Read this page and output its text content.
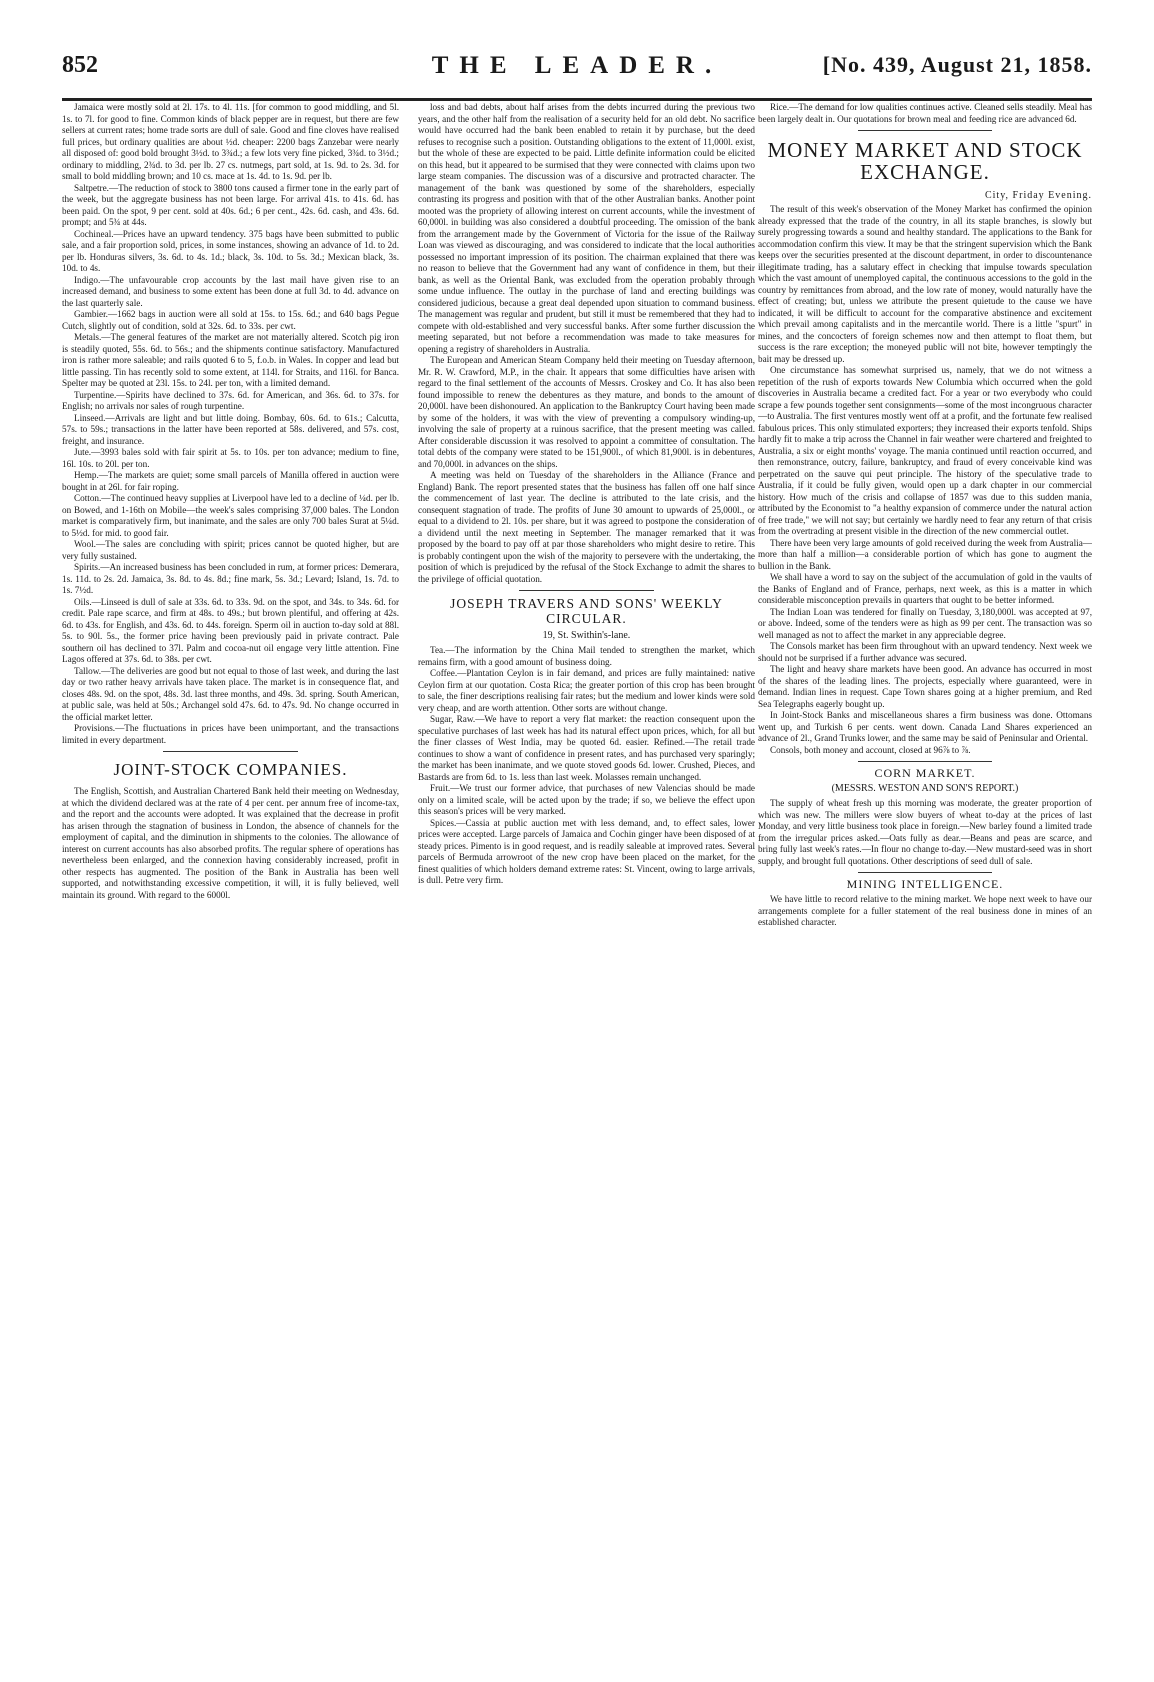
852	THE LEADER.	[No. 439, August 21, 1858.

Jamaica were mostly sold at 2l. 17s. to 4l. 11s. [for common to good middling, and 5l. 1s. to 7l. for good to fine. Common kinds of black pepper are in request, but there are few sellers at current rates; home trade sorts are dull of sale. Good and fine cloves have realised full prices, but ordinary qualities are about ½d. cheaper: 2200 bags Zanzebar were nearly all disposed of: good bold brought 3½d. to 3¾d.; a few lots very fine picked, 3¾d. to 3½d.; ordinary to middling, 2¾d. to 3d. per lb. 27 cs. nutmegs, part sold, at 1s. 9d. to 2s. 3d. for small to bold middling brown; and 10 cs. mace at 1s. 4d. to 1s. 9d. per lb.

Saltpetre.—The reduction of stock to 3800 tons caused a firmer tone in the early part of the week, but the aggregate business has not been large. For arrival 41s. to 41s. 6d. has been paid. On the spot, 9 per cent. sold at 40s. 6d.; 6 per cent., 42s. 6d. cash, and 43s. 6d. prompt; and 5¾ at 44s.

Cochineal.—Prices have an upward tendency. 375 bags have been submitted to public sale, and a fair proportion sold, prices, in some instances, showing an advance of 1d. to 2d. per lb. Honduras silvers, 3s. 6d. to 4s. 1d.; black, 3s. 10d. to 5s. 3d.; Mexican black, 3s. 10d. to 4s.

Indigo.—The unfavourable crop accounts by the last mail have given rise to an increased demand, and business to some extent has been done at full 3d. to 4d. advance on the last quarterly sale.

Gambier.—1662 bags in auction were all sold at 15s. to 15s. 6d.; and 640 bags Pegue Cutch, slightly out of condition, sold at 32s. 6d. to 33s. per cwt.

Metals.—The general features of the market are not materially altered. Scotch pig iron is steadily quoted, 55s. 6d. to 56s.; and the shipments continue satisfactory. Manufactured iron is rather more saleable; and rails quoted 6 to 5, f.o.b. in Wales. In copper and lead but little passing. Tin has recently sold to some extent, at 114l. for Straits, and 116l. for Banca. Spelter may be quoted at 23l. 15s. to 24l. per ton, with a limited demand.

Turpentine.—Spirits have declined to 37s. 6d. for American, and 36s. 6d. to 37s. for English; no arrivals nor sales of rough turpentine.

Linseed.—Arrivals are light and but little doing. Bombay, 60s. 6d. to 61s.; Calcutta, 57s. to 59s.; transactions in the latter have been reported at 58s. delivered, and 57s. cost, freight, and insurance.

Jute.—3993 bales sold with fair spirit at 5s. to 10s. per ton advance; medium to fine, 16l. 10s. to 20l. per ton.

Hemp.—The markets are quiet; some small parcels of Manilla offered in auction were bought in at 26l. for fair roping.

Cotton.—The continued heavy supplies at Liverpool have led to a decline of ¼d. per lb. on Bowed, and 1-16th on Mobile—the week's sales comprising 37,000 bales. The London market is comparatively firm, but inanimate, and the sales are only 700 bales Surat at 5¼d. to 5½d. for mid. to good fair.

Wool.—The sales are concluding with spirit; prices cannot be quoted higher, but are very fully sustained.

Spirits.—An increased business has been concluded in rum, at former prices: Demerara, 1s. 11d. to 2s. 2d. Jamaica, 3s. 8d. to 4s. 8d.; fine mark, 5s. 3d.; Levard; Island, 1s. 7d. to 1s. 7½d.

Oils.—Linseed is dull of sale at 33s. 6d. to 33s. 9d. on the spot, and 34s. to 34s. 6d. for credit. Pale rape scarce, and firm at 48s. to 49s.; but brown plentiful, and offering at 42s. 6d. to 43s. for English, and 43s. 6d. to 44s. foreign. Sperm oil in auction to-day sold at 88l. 5s. to 90l. 5s., the former price having been previously paid in private contract. Pale southern oil has declined to 37l. Palm and cocoa-nut oil engage very little attention. Fine Lagos offered at 37s. 6d. to 38s. per cwt.

Tallow.—The deliveries are good but not equal to those of last week, and during the last day or two rather heavy arrivals have taken place. The market is in consequence flat, and closes 48s. 9d. on the spot, 48s. 3d. last three months, and 49s. 3d. spring. South American, at public sale, was held at 50s.; Archangel sold 47s. 6d. to 47s. 9d. No change occurred in the official market letter.

Provisions.—The fluctuations in prices have been unimportant, and the transactions limited in every department.

JOINT-STOCK COMPANIES.

The English, Scottish, and Australian Chartered Bank held their meeting on Wednesday, at which the dividend declared was at the rate of 4 per cent. per annum free of income-tax, and the report and the accounts were adopted. It was explained that the decrease in profit has arisen through the stagnation of business in London, the absence of channels for the employment of capital, and the diminution in shipments to the colonies. The allowance of interest on current accounts has also absorbed profits. The regular sphere of operations has nevertheless been enlarged, and the connexion having considerably increased, profit in other respects has augmented. The position of the Bank in Australia has been well supported, and notwithstanding excessive competition, it will, it is fully believed, well maintain its ground. With regard to the 6000l.

loss and bad debts, about half arises from the debts incurred during the previous two years, and the other half from the realisation of a security held for an old debt. No sacrifice would have occurred had the bank been enabled to retain it by purchase, but the deed refuses to recognise such a position. Outstanding obligations to the extent of 11,000l. exist, but the whole of these are expected to be paid. Little definite information could be elicited on this head, but it appeared to be surmised that they were connected with claims upon two large steam companies. The discussion was of a discursive and protracted character. The management of the bank was questioned by some of the shareholders, especially contrasting its progress and position with that of the other Australian banks. Another point mooted was the propriety of allowing interest on current accounts, while the investment of 60,000l. in building was also considered a doubtful proceeding. The omission of the bank from the arrangement made by the Government of Victoria for the issue of the Railway Loan was viewed as discouraging, and was considered to indicate that the local authorities possessed no important impression of its position. The chairman explained that there was no reason to believe that the Government had any want of confidence in them, but their bank, as well as the Oriental Bank, was excluded from the operation probably through some undue influence. The outlay in the purchase of land and erecting buildings was considered judicious, because a great deal depended upon situation to command business. The management was regular and prudent, but still it must be remembered that they had to compete with old-established and very successful banks. After some further discussion the meeting separated, but not before a recommendation was made to take measures for opening a registry of shareholders in Australia.

The European and American Steam Company held their meeting on Tuesday afternoon, Mr. R. W. Crawford, M.P., in the chair. It appears that some difficulties have arisen with regard to the final settlement of the accounts of Messrs. Croskey and Co. It has also been found impossible to renew the debentures as they mature, and bonds to the amount of 20,000l. have been dishonoured. An application to the Bankruptcy Court having been made by some of the holders, it was with the view of preventing a compulsory winding-up, involving the sale of property at a ruinous sacrifice, that the present meeting was called. After considerable discussion it was resolved to appoint a committee of consultation. The total debts of the company were stated to be 151,900l., of which 81,900l. is in debentures, and 70,000l. in advances on the ships.

A meeting was held on Tuesday of the shareholders in the Alliance (France and England) Bank. The report presented states that the business has fallen off one half since the commencement of last year. The decline is attributed to the late crisis, and the consequent stagnation of trade. The profits of June 30 amount to upwards of 25,000l., or equal to a dividend to 2l. 10s. per share, but it was agreed to postpone the consideration of a dividend until the next meeting in September. The manager remarked that it was proposed by the board to pay off at par those shareholders who might desire to retire. This is probably contingent upon the wish of the majority to persevere with the undertaking, the position of which is prejudiced by the refusal of the Stock Exchange to admit the shares to the privilege of official quotation.

JOSEPH TRAVERS AND SONS' WEEKLY CIRCULAR.
19, St. Swithin's-lane.

Tea.—The information by the China Mail tended to strengthen the market, which remains firm, with a good amount of business doing.

Coffee.—Plantation Ceylon is in fair demand, and prices are fully maintained: native Ceylon firm at our quotation. Costa Rica; the greater portion of this crop has been brought to sale, the finer descriptions realising fair rates; but the medium and lower kinds were sold very cheap, and are worth attention. Other sorts are without change.

Sugar, Raw.—We have to report a very flat market: the reaction consequent upon the speculative purchases of last week has had its natural effect upon prices, which, for all but the finer classes of West India, may be quoted 6d. easier. Refined.—The retail trade continues to show a want of confidence in present rates, and has purchased very sparingly; the market has been inanimate, and we quote stoved goods 6d. lower. Crushed, Pieces, and Bastards are from 6d. to 1s. less than last week. Molasses remain unchanged.

Fruit.—We trust our former advice, that purchases of new Valencias should be made only on a limited scale, will be acted upon by the trade; if so, we believe the effect upon this season's prices will be very marked.

Spices.—Cassia at public auction met with less demand, and, to effect sales, lower prices were accepted. Large parcels of Jamaica and Cochin ginger have been disposed of at steady prices. Pimento is in good request, and is readily saleable at improved rates. Several parcels of Bermuda arrowroot of the new crop have been placed on the market, for the finest qualities of which holders demand extreme rates: St. Vincent, owing to large arrivals, is dull. Petre very firm.

Rice.—The demand for low qualities continues active. Cleaned sells steadily. Meal has been largely dealt in. Our quotations for brown meal and feeding rice are advanced 6d.

MONEY MARKET AND STOCK EXCHANGE.
City, Friday Evening.

The result of this week's observation of the Money Market has confirmed the opinion already expressed that the trade of the country, in all its staple branches, is slowly but surely progressing towards a sound and healthy standard. The applications to the Bank for accommodation confirm this view. It may be that the stringent supervision which the Bank keeps over the securities presented at the discount department, in order to discountenance illegitimate trading, has a salutary effect in checking that impulse towards speculation which the vast amount of unemployed capital, the continuous accessions to the gold in the country by remittances from abroad, and the low rate of money, would naturally have the effect of creating; but, unless we attribute the present quietude to the cause we have indicated, it will be difficult to account for the comparative abstinence and excitement which prevail among capitalists and in the mercantile world. There is a little "spurt" in mines, and the concocters of foreign schemes now and then attempt to float them, but success is the rare exception; the moneyed public will not bite, however temptingly the bait may be dressed up.

One circumstance has somewhat surprised us, namely, that we do not witness a repetition of the rush of exports towards New Columbia which occurred when the gold discoveries in Australia became a credited fact. For a year or two everybody who could scrape a few pounds together sent consignments—some of the most incongruous character—to Australia. The first ventures mostly went off at a profit, and the fortunate few realised fabulous prices. This only stimulated exporters; they increased their exports tenfold. Ships hardly fit to make a trip across the Channel in fair weather were chartered and freighted to Australia, a six or eight months' voyage. The mania continued until reaction occurred, and then remonstrance, outcry, failure, bankruptcy, and fraud of every conceivable kind was perpetrated on the sauve qui peut principle. The history of the speculative trade to Australia, if it could be fully given, would open up a dark chapter in our commercial history. How much of the crisis and collapse of 1857 was due to this sudden mania, attributed by the Economist to "a healthy expansion of commerce under the natural action of free trade," we will not say; but certainly we hardly need to fear any return of that crisis from the overtrading at present visible in the direction of the new commercial outlet.

There have been very large amounts of gold received during the week from Australia—more than half a million—a considerable portion of which has gone to augment the bullion in the Bank.

We shall have a word to say on the subject of the accumulation of gold in the vaults of the Banks of England and of France, perhaps, next week, as this is a matter in which considerable misconception prevails in quarters that ought to be better informed.

The Indian Loan was tendered for finally on Tuesday, 3,180,000l. was accepted at 97, or above. Indeed, some of the tenders were as high as 99 per cent. The transaction was so well managed as not to affect the market in any appreciable degree.

The Consols market has been firm throughout with an upward tendency. Next week we should not be surprised if a further advance was secured.

The light and heavy share markets have been good. An advance has occurred in most of the shares of the leading lines. The projects, especially where guaranteed, were in demand. Indian lines in request. Cape Town shares going at a higher premium, and Red Sea Telegraphs eagerly bought up.

In Joint-Stock Banks and miscellaneous shares a firm business was done. Ottomans went up, and Turkish 6 per cents. went down. Canada Land Shares experienced an advance of 2l., Grand Trunks lower, and the same may be said of Peninsular and Oriental.

Consols, both money and account, closed at 96⅞ to ⅞.

CORN MARKET.
(MESSRS. WESTON AND SON'S REPORT.)

The supply of wheat fresh up this morning was moderate, the greater proportion of which was new. The millers were slow buyers of wheat to-day at the prices of last Monday, and very little business took place in foreign.—New barley found a limited trade from the irregular prices asked.—Oats fully as dear.—Beans and peas are scarce, and bring fully last week's rates.—In flour no change to-day.—New mustard-seed was in short supply, and brought full quotations. Other descriptions of seed dull of sale.

MINING INTELLIGENCE.

We have little to record relative to the mining market. We hope next week to have our arrangements complete for a fuller statement of the real business done in mines of an established character.
